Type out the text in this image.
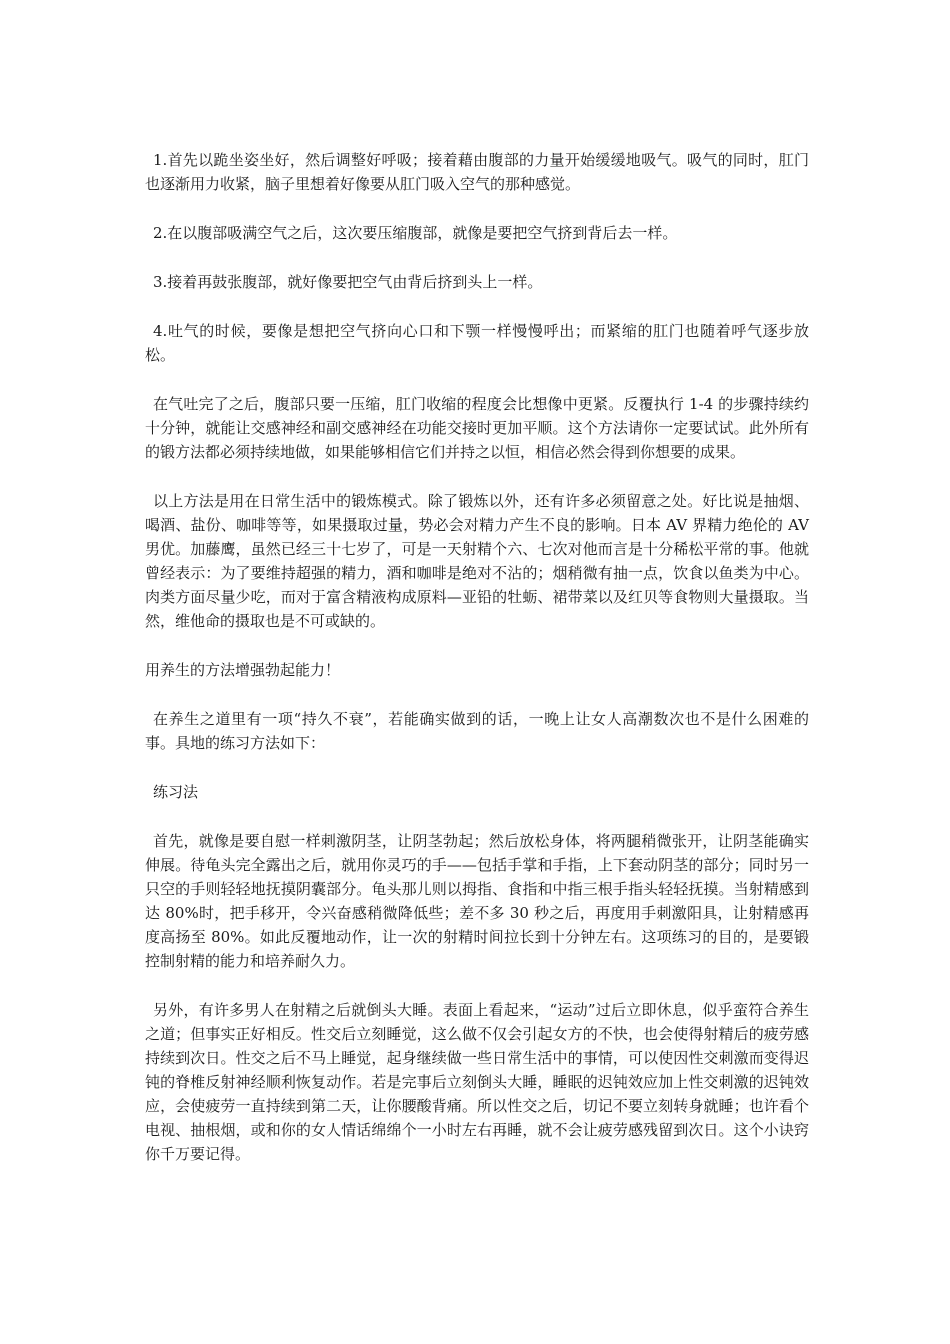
1.首先以跪坐姿坐好，然后调整好呼吸；接着藉由腹部的力量开始缓缓地吸气。吸气的同时，肛门也逐渐用力收紧，脑子里想着好像要从肛门吸入空气的那种感觉。

2.在以腹部吸满空气之后，这次要压缩腹部，就像是要把空气挤到背后去一样。

3.接着再鼓张腹部，就好像要把空气由背后挤到头上一样。

4.吐气的时候，要像是想把空气挤向心口和下颚一样慢慢呼出；而紧缩的肛门也随着呼气逐步放松。

在气吐完了之后，腹部只要一压缩，肛门收缩的程度会比想像中更紧。反覆执行 1-4 的步骤持续约十分钟，就能让交感神经和副交感神经在功能交接时更加平顺。这个方法请你一定要试试。此外所有的锻方法都必须持续地做，如果能够相信它们并持之以恒，相信必然会得到你想要的成果。

以上方法是用在日常生活中的锻炼模式。除了锻炼以外，还有许多必须留意之处。好比说是抽烟、喝酒、盐份、咖啡等等，如果摄取过量，势必会对精力产生不良的影响。日本 AV 界精力绝伦的 AV 男优。加藤鹰，虽然已经三十七岁了，可是一天射精个六、七次对他而言是十分稀松平常的事。他就曾经表示：为了要维持超强的精力，酒和咖啡是绝对不沾的；烟稍微有抽一点，饮食以鱼类为中心。肉类方面尽量少吃，而对于富含精液构成原料—亚铅的牡蛎、裙带菜以及红贝等食物则大量摄取。当然，维他命的摄取也是不可或缺的。

用养生的方法增强勃起能力！

在养生之道里有一项“持久不衰”，若能确实做到的话，一晚上让女人高潮数次也不是什么困难的事。具地的练习方法如下：

练习法

首先，就像是要自慰一样刺激阴茎，让阴茎勃起；然后放松身体，将两腿稍微张开，让阴茎能确实伸展。待龟头完全露出之后，就用你灵巧的手——包括手掌和手指，上下套动阴茎的部分；同时另一只空的手则轻轻地抚摸阴囊部分。龟头那儿则以拇指、食指和中指三根手指头轻轻抚摸。当射精感到达 80%时，把手移开，令兴奋感稍微降低些；差不多 30 秒之后，再度用手刺激阳具，让射精感再度高扬至 80%。如此反覆地动作，让一次的射精时间拉长到十分钟左右。这项练习的目的，是要锻控制射精的能力和培养耐久力。

另外，有许多男人在射精之后就倒头大睡。表面上看起来，“运动”过后立即休息，似乎蛮符合养生之道；但事实正好相反。性交后立刻睡觉，这么做不仅会引起女方的不快，也会使得射精后的疲劳感持续到次日。性交之后不马上睡觉，起身继续做一些日常生活中的事情，可以使因性交刺激而变得迟钝的脊椎反射神经顺利恢复动作。若是完事后立刻倒头大睡，睡眠的迟钝效应加上性交刺激的迟钝效应，会使疲劳一直持续到第二天，让你腰酸背痛。所以性交之后，切记不要立刻转身就睡；也许看个电视、抽根烟，或和你的女人情话绵绵个一小时左右再睡，就不会让疲劳感残留到次日。这个小诀窍你千万要记得。
